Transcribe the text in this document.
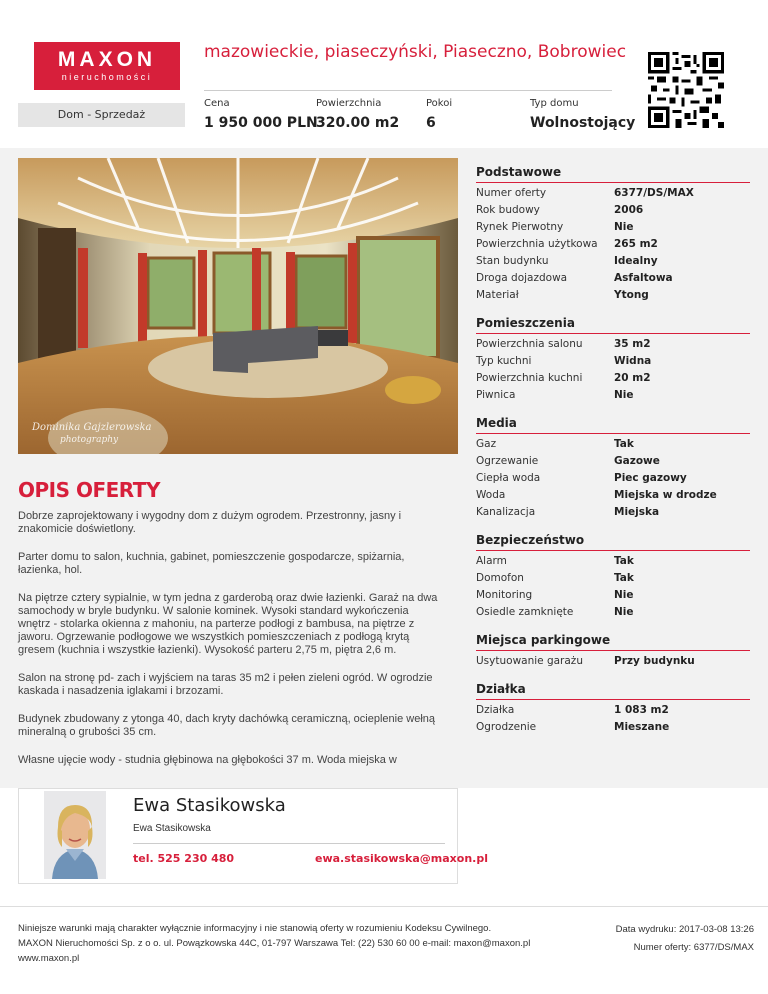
MAXON
nieruchomości
mazowieckie, piaseczyński, Piaseczno, Bobrowiec
Dom - Sprzedaż
Cena
1 950 000 PLN
Powierzchnia
320.00 m2
Pokoi
6
Typ domu
Wolnostojący
Dominika Gajzlerowska
photography
OPIS OFERTY

Dobrze zaprojektowany i wygodny dom z dużym ogrodem. Przestronny, jasny i znakomicie doświetlony.

Parter domu to salon, kuchnia, gabinet, pomieszczenie gospodarcze, spiżarnia, łazienka, hol.

Na piętrze cztery sypialnie, w tym jedna z garderobą oraz dwie łazienki. Garaż na dwa samochody w bryle budynku. W salonie kominek. Wysoki standard wykończenia wnętrz - stolarka okienna z mahoniu, na parterze podłogi z bambusa, na piętrze z jaworu. Ogrzewanie podłogowe we wszystkich pomieszczeniach z podłogą krytą gresem (kuchnia i wszystkie łazienki). Wysokość parteru 2,75 m, piętra 2,6 m.

Salon na stronę pd- zach i wyjściem na taras 35 m2 i pełen zieleni ogród. W ogrodzie kaskada i nasadzenia iglakami i brzozami.

Budynek zbudowany z ytonga 40, dach kryty dachówką ceramiczną, ocieplenie wełną mineralną o grubości 35 cm.

Własne ujęcie wody - studnia głębinowa na głębokości 37 m. Woda miejska w

Podstawowe
Numer oferty	6377/DS/MAX
Rok budowy	2006
Rynek Pierwotny	Nie
Powierzchnia użytkowa	265 m2
Stan budynku	Idealny
Droga dojazdowa	Asfaltowa
Materiał	Ytong
Pomieszczenia
Powierzchnia salonu	35 m2
Typ kuchni	Widna
Powierzchnia kuchni	20 m2
Piwnica	Nie
Media
Gaz	Tak
Ogrzewanie	Gazowe
Ciepła woda	Piec gazowy
Woda	Miejska w drodze
Kanalizacja	Miejska
Bezpieczeństwo
Alarm	Tak
Domofon	Tak
Monitoring	Nie
Osiedle zamknięte	Nie
Miejsca parkingowe
Usytuowanie garażu	Przy budynku
Działka
Działka	1 083 m2
Ogrodzenie	Mieszane
Ewa Stasikowska
Ewa Stasikowska
tel. 525 230 480	ewa.stasikowska@maxon.pl
Niniejsze warunki mają charakter wyłącznie informacyjny i nie stanowią oferty w rozumieniu Kodeksu Cywilnego.
MAXON Nieruchomości Sp. z o o. ul. Powązkowska 44C, 01-797 Warszawa Tel: (22) 530 60 00 e-mail: maxon@maxon.pl www.maxon.pl
Data wydruku: 2017-03-08 13:26
Numer oferty: 6377/DS/MAX
